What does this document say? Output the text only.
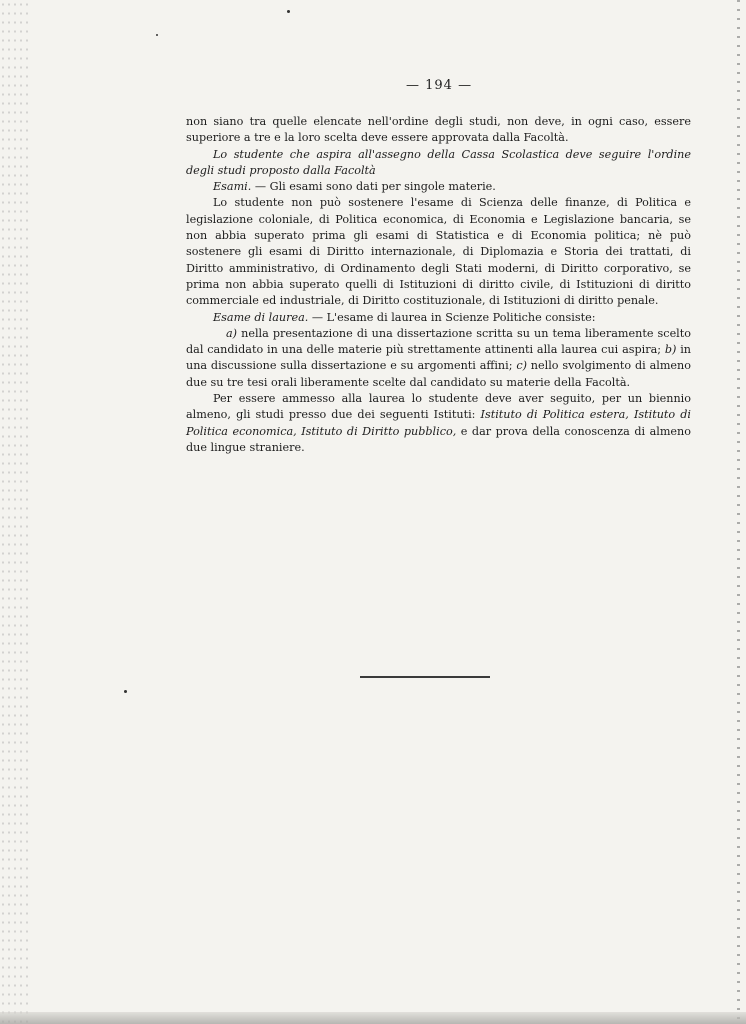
— 194 —

non siano tra quelle elencate nell'ordine degli studi, non deve, in ogni caso, essere superiore a tre e la loro scelta deve essere approvata dalla Facoltà.

Lo studente che aspira all'assegno della Cassa Scolastica deve seguire l'ordine degli studi proposto dalla Facoltà

Esami. — Gli esami sono dati per singole materie.

Lo studente non può sostenere l'esame di Scienza delle finanze, di Politica e legislazione coloniale, di Politica economica, di Economia e Legislazione bancaria, se non abbia superato prima gli esami di Statistica e di Economia politica; nè può sostenere gli esami di Diritto internazionale, di Diplomazia e Storia dei trattati, di Diritto amministrativo, di Ordinamento degli Stati moderni, di Diritto corporativo, se prima non abbia superato quelli di Istituzioni di diritto civile, di Istituzioni di diritto commerciale ed industriale, di Diritto costituzionale, di Istituzioni di diritto penale.

Esame di laurea. — L'esame di laurea in Scienze Politiche consiste:

a) nella presentazione di una dissertazione scritta su un tema liberamente scelto dal candidato in una delle materie più strettamente attinenti alla laurea cui aspira; b) in una discussione sulla dissertazione e su argomenti affini; c) nello svolgimento di almeno due su tre tesi orali liberamente scelte dal candidato su materie della Facoltà.

Per essere ammesso alla laurea lo studente deve aver seguito, per un biennio almeno, gli studi presso due dei seguenti Istituti: Istituto di Politica estera, Istituto di Politica economica, Istituto di Diritto pubblico, e dar prova della conoscenza di almeno due lingue straniere.
